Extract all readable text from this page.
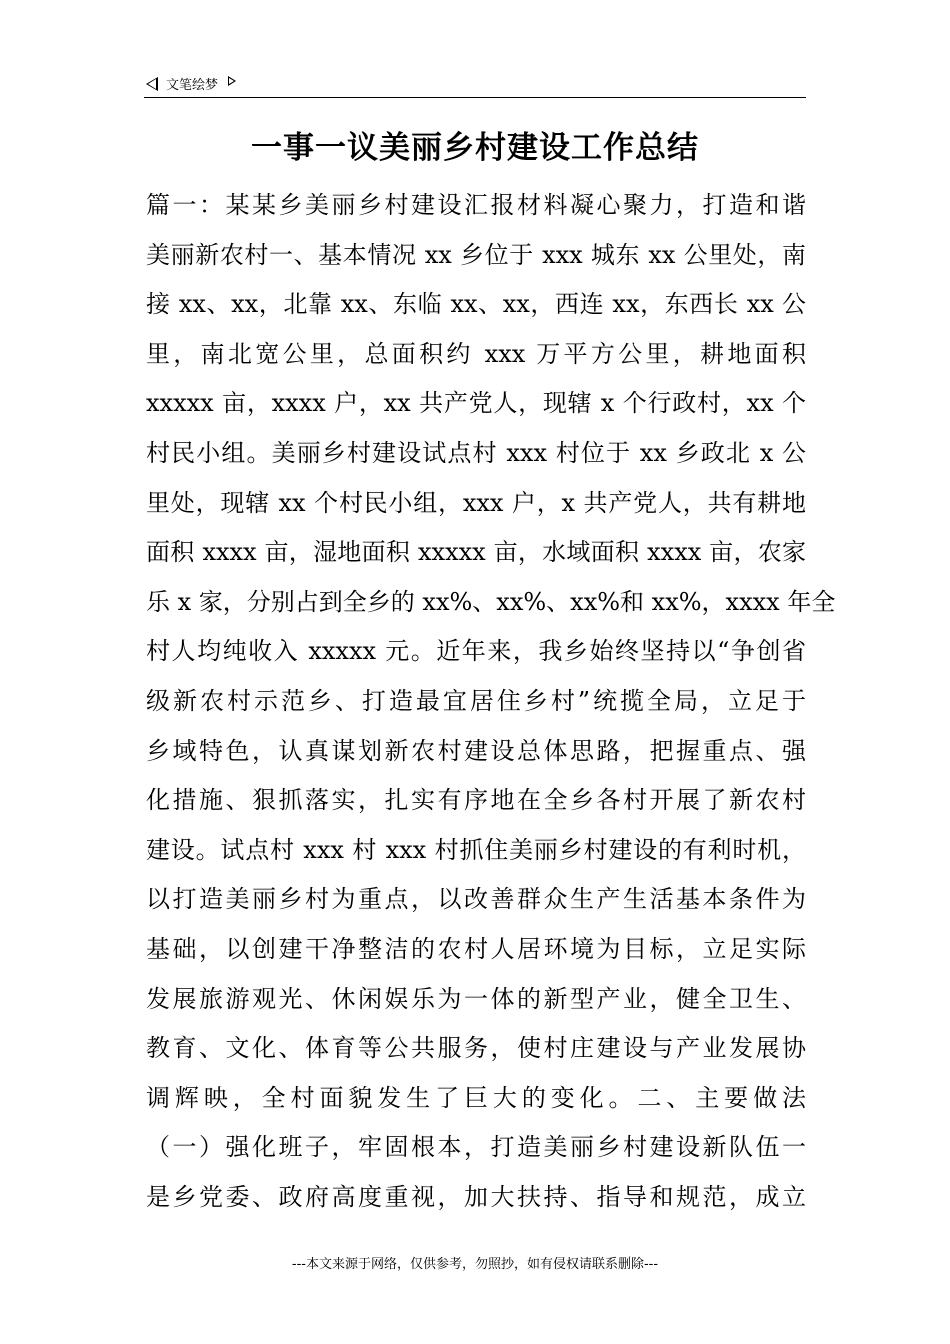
文笔绘梦
一事一议美丽乡村建设工作总结
篇一：某某乡美丽乡村建设汇报材料凝心聚力，打造和谐
美丽新农村一、基本情况 xx 乡位于 xxx 城东 xx 公里处，南
接 xx、xx，北靠 xx、东临 xx、xx，西连 xx，东西长 xx 公
里，南北宽公里，总面积约 xxx 万平方公里，耕地面积
xxxxx 亩，xxxx 户，xx 共产党人，现辖 x 个行政村，xx 个
村民小组。美丽乡村建设试点村 xxx 村位于 xx 乡政北 x 公
里处，现辖 xx 个村民小组，xxx 户，x 共产党人，共有耕地
面积 xxxx 亩，湿地面积 xxxxx 亩，水域面积 xxxx 亩，农家
乐 x 家，分别占到全乡的 xx%、xx%、xx%和 xx%，xxxx 年全
村人均纯收入 xxxxx 元。近年来，我乡始终坚持以“争创省
级新农村示范乡、打造最宜居住乡村”统揽全局，立足于
乡域特色，认真谋划新农村建设总体思路，把握重点、强
化措施、狠抓落实，扎实有序地在全乡各村开展了新农村
建设。试点村 xxx 村 xxx 村抓住美丽乡村建设的有利时机，
以打造美丽乡村为重点，以改善群众生产生活基本条件为
基础，以创建干净整洁的农村人居环境为目标，立足实际
发展旅游观光、休闲娱乐为一体的新型产业，健全卫生、
教育、文化、体育等公共服务，使村庄建设与产业发展协
调辉映，全村面貌发生了巨大的变化。二、主要做法
（一）强化班子，牢固根本，打造美丽乡村建设新队伍一
是乡党委、政府高度重视，加大扶持、指导和规范，成立
---本文来源于网络，仅供参考，勿照抄，如有侵权请联系删除---
